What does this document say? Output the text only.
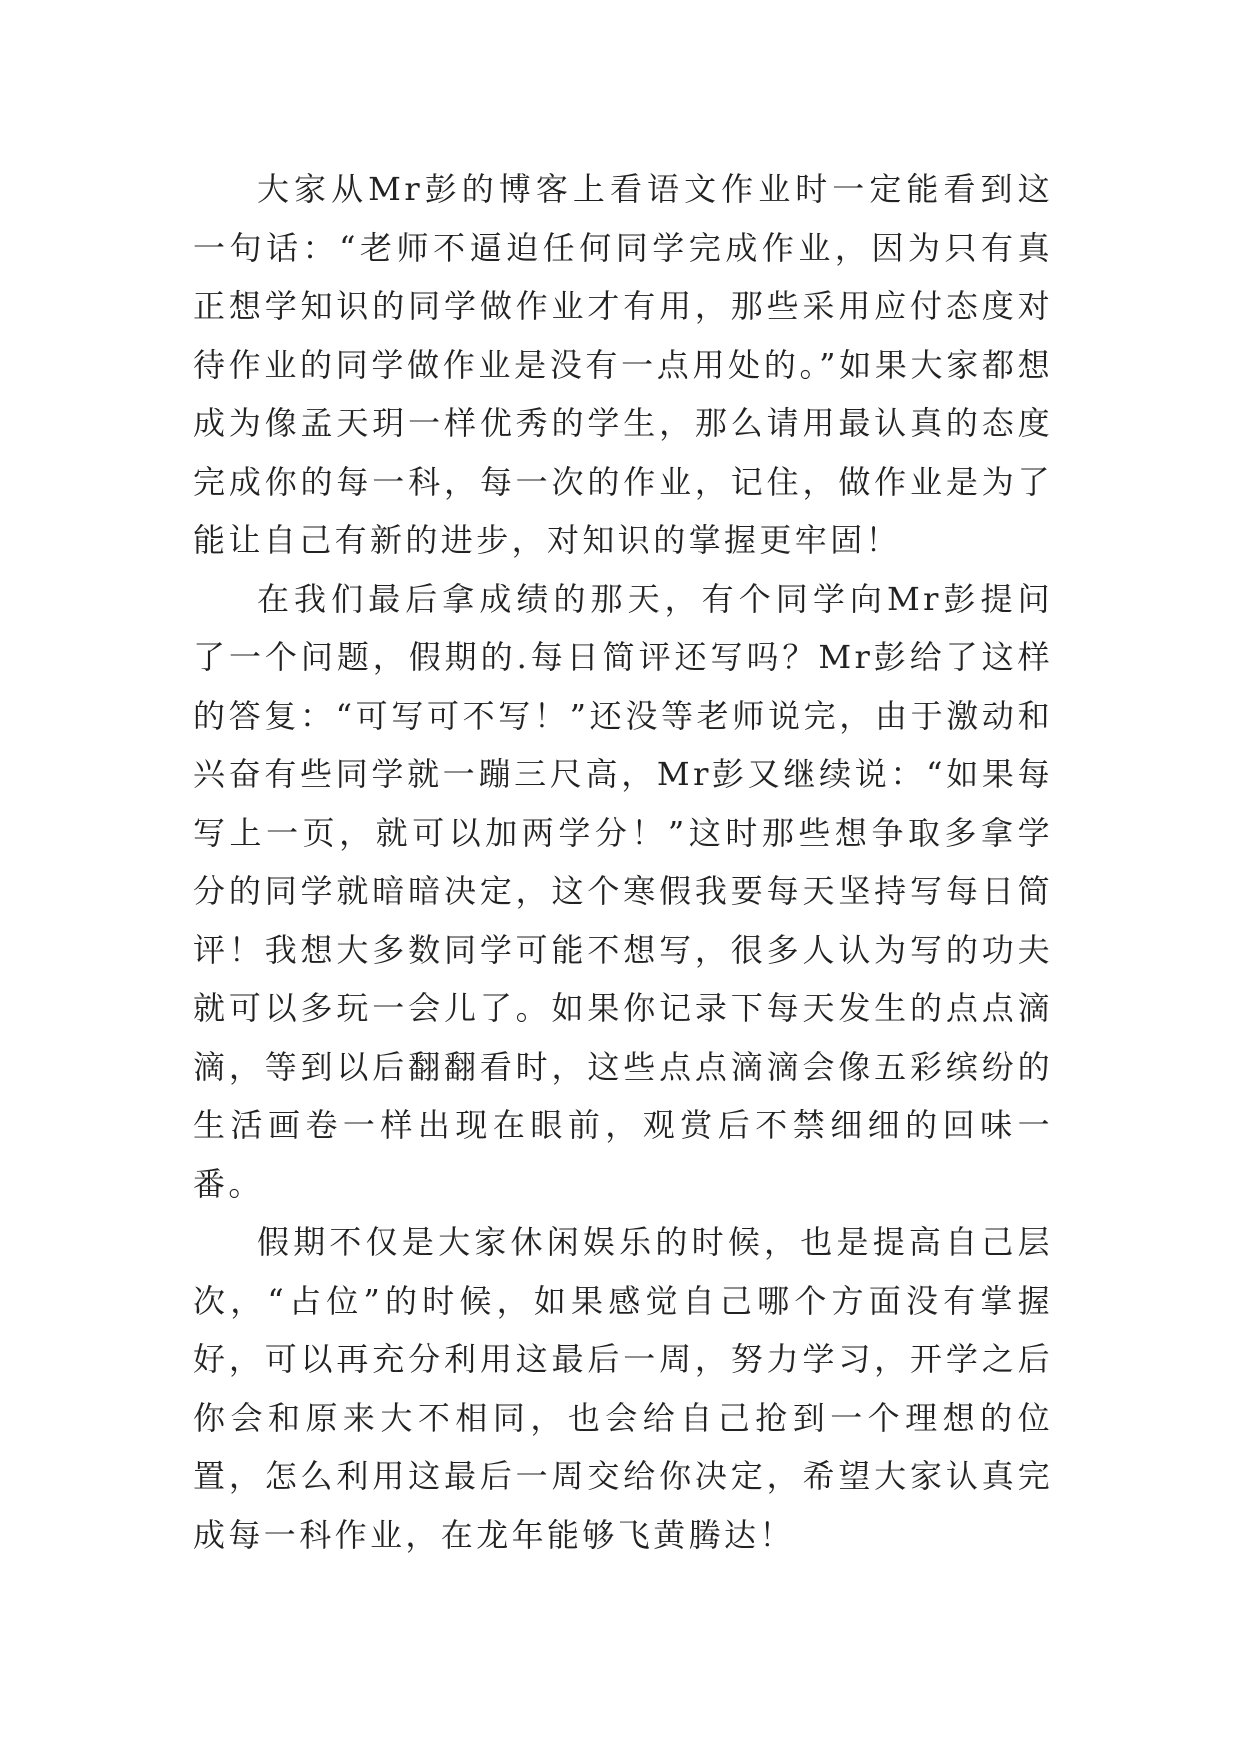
大家从Mr彭的博客上看语文作业时一定能看到这一句话：“老师不逼迫任何同学完成作业，因为只有真正想学知识的同学做作业才有用，那些采用应付态度对待作业的同学做作业是没有一点用处的。”如果大家都想成为像孟天玥一样优秀的学生，那么请用最认真的态度完成你的每一科，每一次的作业，记住，做作业是为了能让自己有新的进步，对知识的掌握更牢固！

在我们最后拿成绩的那天，有个同学向Mr彭提问了一个问题，假期的.每日简评还写吗？Mr彭给了这样的答复：“可写可不写！”还没等老师说完，由于激动和兴奋有些同学就一蹦三尺高，Mr彭又继续说：“如果每写上一页，就可以加两学分！”这时那些想争取多拿学分的同学就暗暗决定，这个寒假我要每天坚持写每日简评！我想大多数同学可能不想写，很多人认为写的功夫就可以多玩一会儿了。如果你记录下每天发生的点点滴滴，等到以后翻翻看时，这些点点滴滴会像五彩缤纷的生活画卷一样出现在眼前，观赏后不禁细细的回味一番。

假期不仅是大家休闲娱乐的时候，也是提高自己层次，“占位”的时候，如果感觉自己哪个方面没有掌握好，可以再充分利用这最后一周，努力学习，开学之后你会和原来大不相同，也会给自己抢到一个理想的位置，怎么利用这最后一周交给你决定，希望大家认真完成每一科作业，在龙年能够飞黄腾达！
